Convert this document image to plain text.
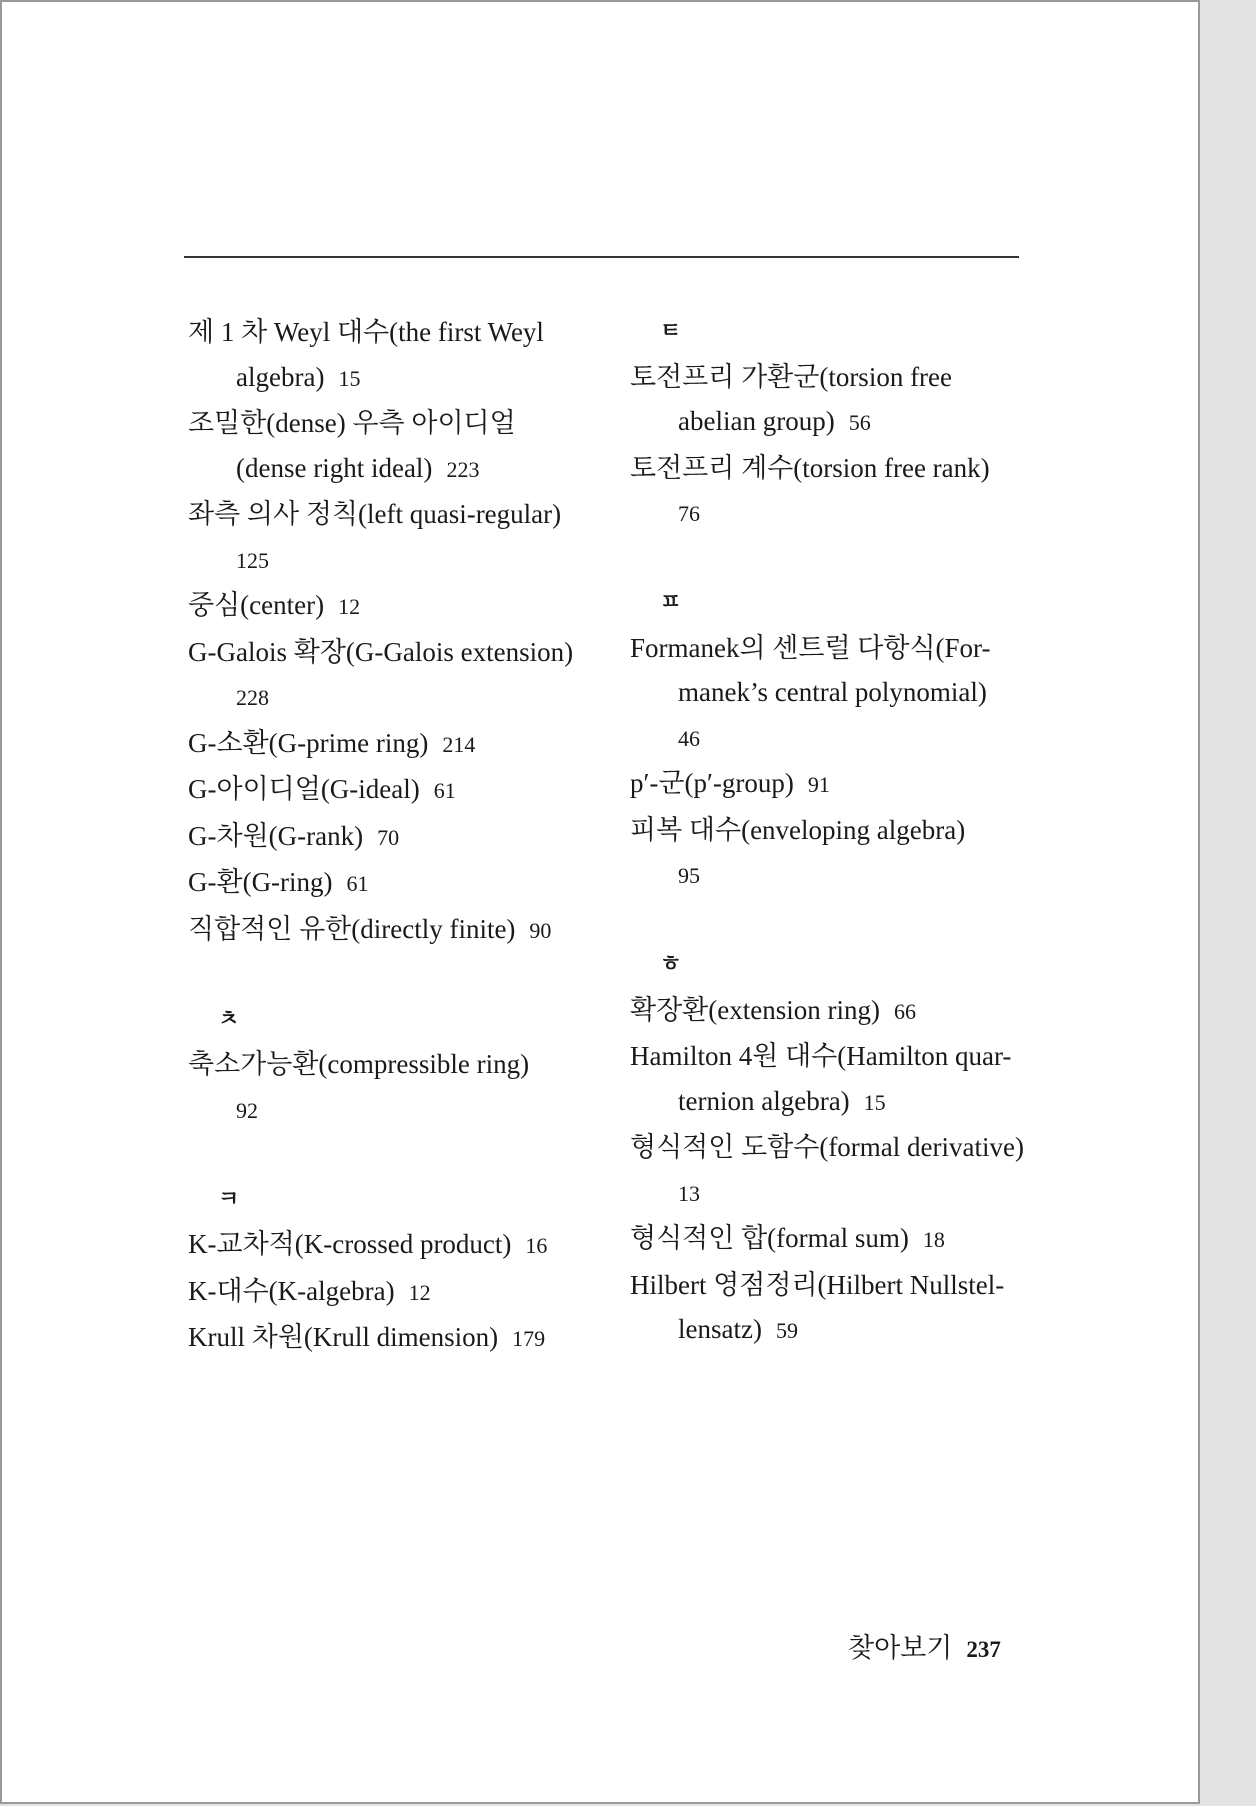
제 1 차 Weyl 대수(the first Weyl
algebra) 15
조밀한(dense) 우측 아이디얼
(dense right ideal) 223
좌측 의사 정칙(left quasi-regular)
125
중심(center) 12
G-Galois 확장(G-Galois extension)
228
G-소환(G-prime ring) 214
G-아이디얼(G-ideal) 61
G-차원(G-rank) 70
G-환(G-ring) 61
직합적인 유한(directly finite) 90
ㅊ
축소가능환(compressible ring)
92
ㅋ
K-교차적(K-crossed product) 16
K-대수(K-algebra) 12
Krull 차원(Krull dimension) 179
ㅌ
토전프리 가환군(torsion free
abelian group) 56
토전프리 계수(torsion free rank)
76
ㅍ
Formanek의 센트럴 다항식(For-
manek’s central polynomial)
46
p′-군(p′-group) 91
피복 대수(enveloping algebra)
95
ㅎ
확장환(extension ring) 66
Hamilton 4원 대수(Hamilton quar-
ternion algebra) 15
형식적인 도함수(formal derivative)
13
형식적인 합(formal sum) 18
Hilbert 영점정리(Hilbert Nullstel-
lensatz) 59
찾아보기 237
